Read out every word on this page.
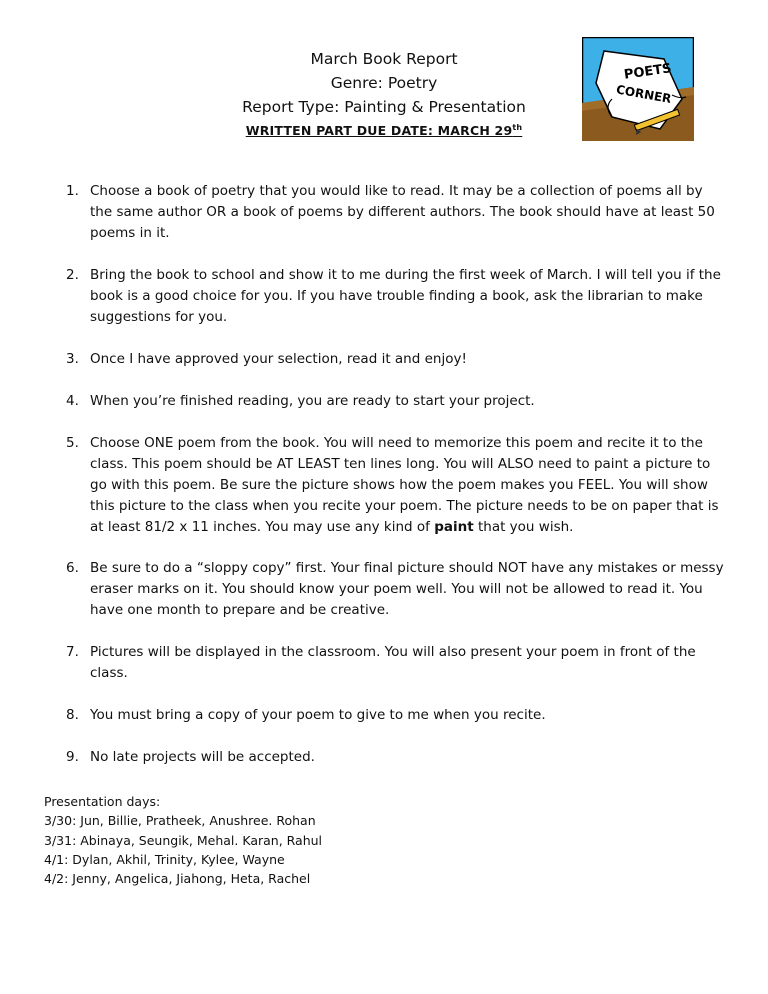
March Book Report
Genre: Poetry
Report Type: Painting & Presentation
WRITTEN PART DUE DATE: MARCH 29th
POETS
CORNER
1. Choose a book of poetry that you would like to read. It may be a collection of poems all by the same author OR a book of poems by different authors. The book should have at least 50 poems in it.
2. Bring the book to school and show it to me during the first week of March. I will tell you if the book is a good choice for you. If you have trouble finding a book, ask the librarian to make suggestions for you.
3. Once I have approved your selection, read it and enjoy!
4. When you’re finished reading, you are ready to start your project.
5. Choose ONE poem from the book. You will need to memorize this poem and recite it to the class. This poem should be AT LEAST ten lines long. You will ALSO need to paint a picture to go with this poem. Be sure the picture shows how the poem makes you FEEL. You will show this picture to the class when you recite your poem. The picture needs to be on paper that is at least 81/2 x 11 inches. You may use any kind of paint that you wish.
6. Be sure to do a “sloppy copy” first. Your final picture should NOT have any mistakes or messy eraser marks on it. You should know your poem well. You will not be allowed to read it. You have one month to prepare and be creative.
7. Pictures will be displayed in the classroom. You will also present your poem in front of the class.
8. You must bring a copy of your poem to give to me when you recite.
9. No late projects will be accepted.
Presentation days:
3/30: Jun, Billie, Pratheek, Anushree. Rohan
3/31: Abinaya, Seungik, Mehal. Karan, Rahul
4/1: Dylan, Akhil, Trinity, Kylee, Wayne
4/2: Jenny, Angelica, Jiahong, Heta, Rachel
